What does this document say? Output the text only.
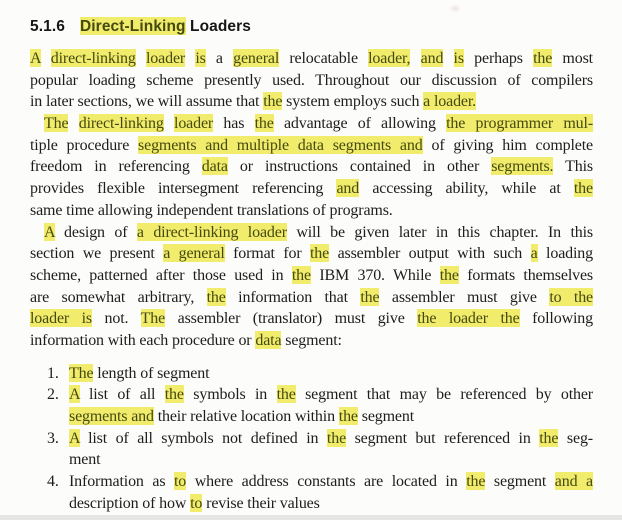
5.1.6 Direct-Linking Loaders
A direct-linking loader is a general relocatable loader, and is perhaps the most
popular loading scheme presently used. Throughout our discussion of compilers
in later sections, we will assume that the system employs such a loader.
The direct-linking loader has the advantage of allowing the programmer mul-
tiple procedure segments and multiple data segments and of giving him complete
freedom in referencing data or instructions contained in other segments. This
provides flexible intersegment referencing and accessing ability, while at the
same time allowing independent translations of programs.
A design of a direct-linking loader will be given later in this chapter. In this
section we present a general format for the assembler output with such a loading
scheme, patterned after those used in the IBM 370. While the formats themselves
are somewhat arbitrary, the information that the assembler must give to the
loader is not. The assembler (translator) must give the loader the following
information with each procedure or data segment:
1. The length of segment
2. A list of all the symbols in the segment that may be referenced by other
segments and their relative location within the segment
3. A list of all symbols not defined in the segment but referenced in the seg-
ment
4. Information as to where address constants are located in the segment and a
description of how to revise their values
